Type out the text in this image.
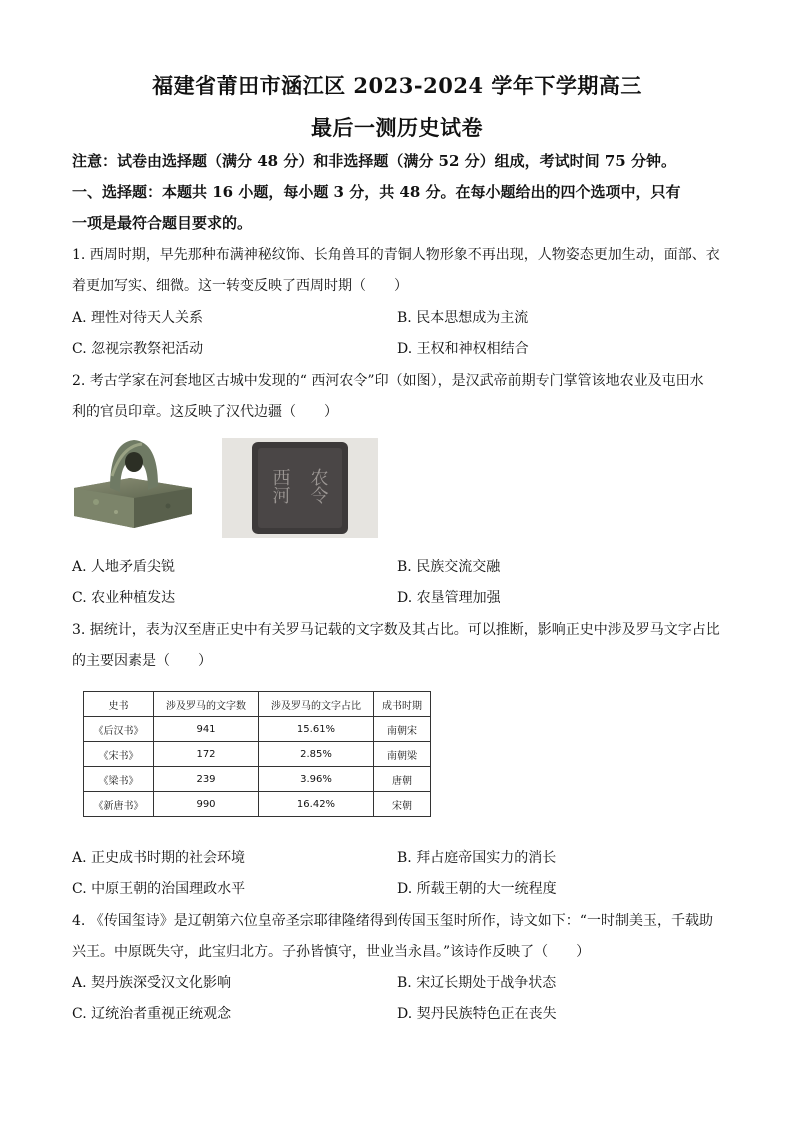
福建省莆田市涵江区 2023-2024 学年下学期高三
最后一测历史试卷
注意：试卷由选择题（满分 48 分）和非选择题（满分 52 分）组成，考试时间 75 分钟。
一、选择题：本题共 16 小题，每小题 3 分，共 48 分。在每小题给出的四个选项中，只有
一项是最符合题目要求的。
1. 西周时期，早先那种布满神秘纹饰、长角兽耳的青铜人物形象不再出现，人物姿态更加生动，面部、衣
着更加写实、细微。这一转变反映了西周时期（　　）
A. 理性对待天人关系	B. 民本思想成为主流
C. 忽视宗教祭祀活动	D. 王权和神权相结合
2. 考古学家在河套地区古城中发现的“ 西河农令”印（如图），是汉武帝前期专门掌管该地农业及屯田水
利的官员印章。这反映了汉代边疆（　　）
西河 农令
A. 人地矛盾尖锐	B. 民族交流交融
C. 农业种植发达	D. 农垦管理加强
3. 据统计，表为汉至唐正史中有关罗马记载的文字数及其占比。可以推断，影响正史中涉及罗马文字占比
的主要因素是（　　）
史书	涉及罗马的文字数	涉及罗马的文字占比	成书时期
《后汉书》	941	15.61%	南朝宋
《宋书》	172	2.85%	南朝梁
《梁书》	239	3.96%	唐朝
《新唐书》	990	16.42%	宋朝
A. 正史成书时期的社会环境	B. 拜占庭帝国实力的消长
C. 中原王朝的治国理政水平	D. 所载王朝的大一统程度
4. 《传国玺诗》是辽朝第六位皇帝圣宗耶律隆绪得到传国玉玺时所作，诗文如下：“一时制美玉，千载助
兴王。中原既失守，此宝归北方。子孙皆慎守，世业当永昌。”该诗作反映了（　　）
A. 契丹族深受汉文化影响	B. 宋辽长期处于战争状态
C. 辽统治者重视正统观念	D. 契丹民族特色正在丧失
